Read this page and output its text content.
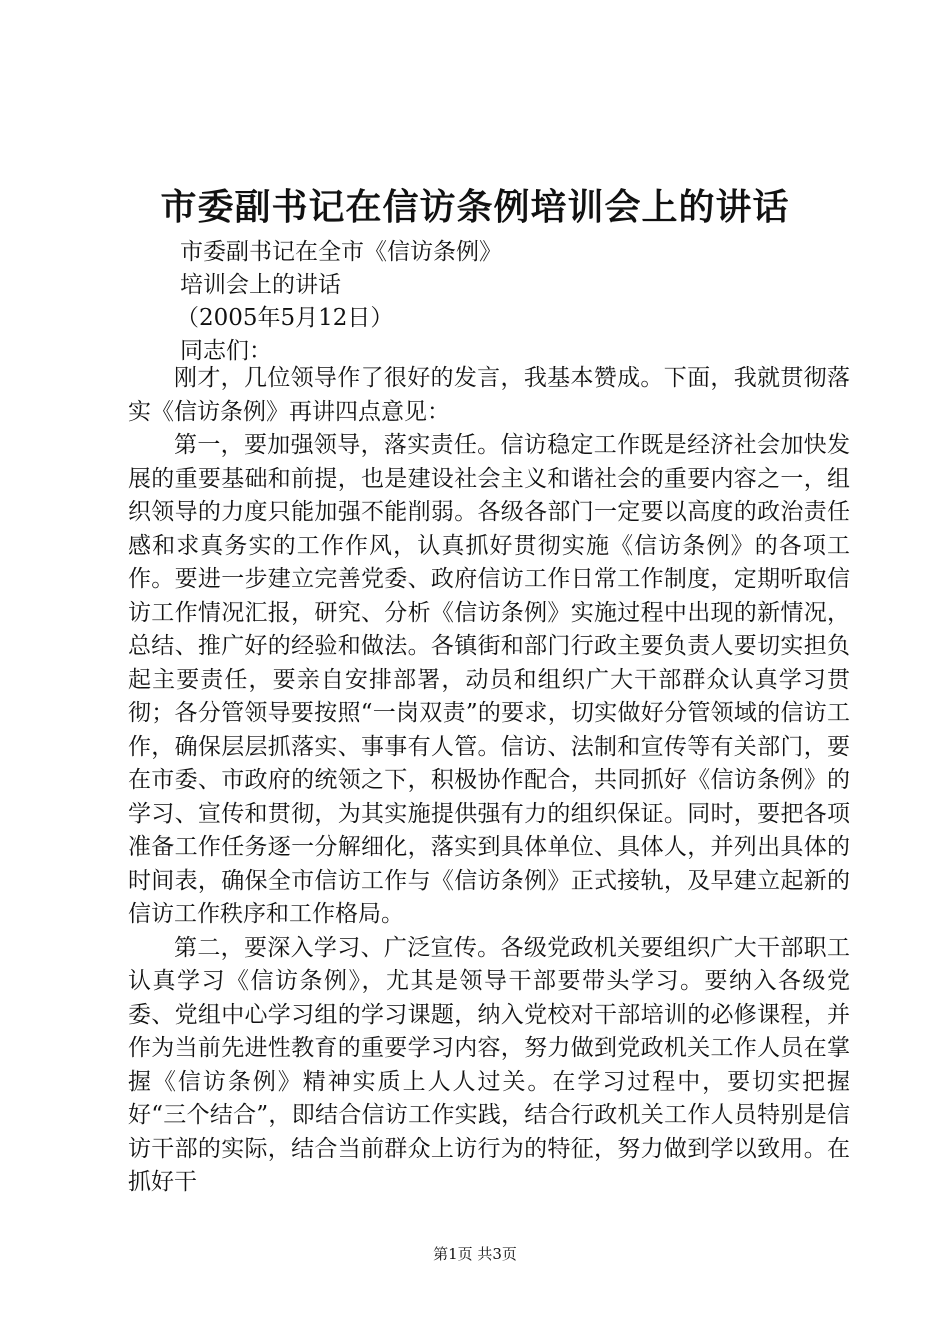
市委副书记在信访条例培训会上的讲话
市委副书记在全市《信访条例》
培训会上的讲话
（2005年5月12日）
同志们：

刚才，几位领导作了很好的发言，我基本赞成。下面，我就贯彻落实《信访条例》再讲四点意见：

第一，要加强领导，落实责任。信访稳定工作既是经济社会加快发展的重要基础和前提，也是建设社会主义和谐社会的重要内容之一，组织领导的力度只能加强不能削弱。各级各部门一定要以高度的政治责任感和求真务实的工作作风，认真抓好贯彻实施《信访条例》的各项工作。要进一步建立完善党委、政府信访工作日常工作制度，定期听取信访工作情况汇报，研究、分析《信访条例》实施过程中出现的新情况，总结、推广好的经验和做法。各镇街和部门行政主要负责人要切实担负起主要责任，要亲自安排部署，动员和组织广大干部群众认真学习贯彻；各分管领导要按照“一岗双责”的要求，切实做好分管领域的信访工作，确保层层抓落实、事事有人管。信访、法制和宣传等有关部门，要在市委、市政府的统领之下，积极协作配合，共同抓好《信访条例》的学习、宣传和贯彻，为其实施提供强有力的组织保证。同时，要把各项准备工作任务逐一分解细化，落实到具体单位、具体人，并列出具体的时间表，确保全市信访工作与《信访条例》正式接轨，及早建立起新的信访工作秩序和工作格局。

第二，要深入学习、广泛宣传。各级党政机关要组织广大干部职工认真学习《信访条例》，尤其是领导干部要带头学习。要纳入各级党委、党组中心学习组的学习课题，纳入党校对干部培训的必修课程，并作为当前先进性教育的重要学习内容，努力做到党政机关工作人员在掌握《信访条例》精神实质上人人过关。在学习过程中，要切实把握好“三个结合”，即结合信访工作实践，结合行政机关工作人员特别是信访干部的实际，结合当前群众上访行为的特征，努力做到学以致用。在抓好干

第1页 共3页
